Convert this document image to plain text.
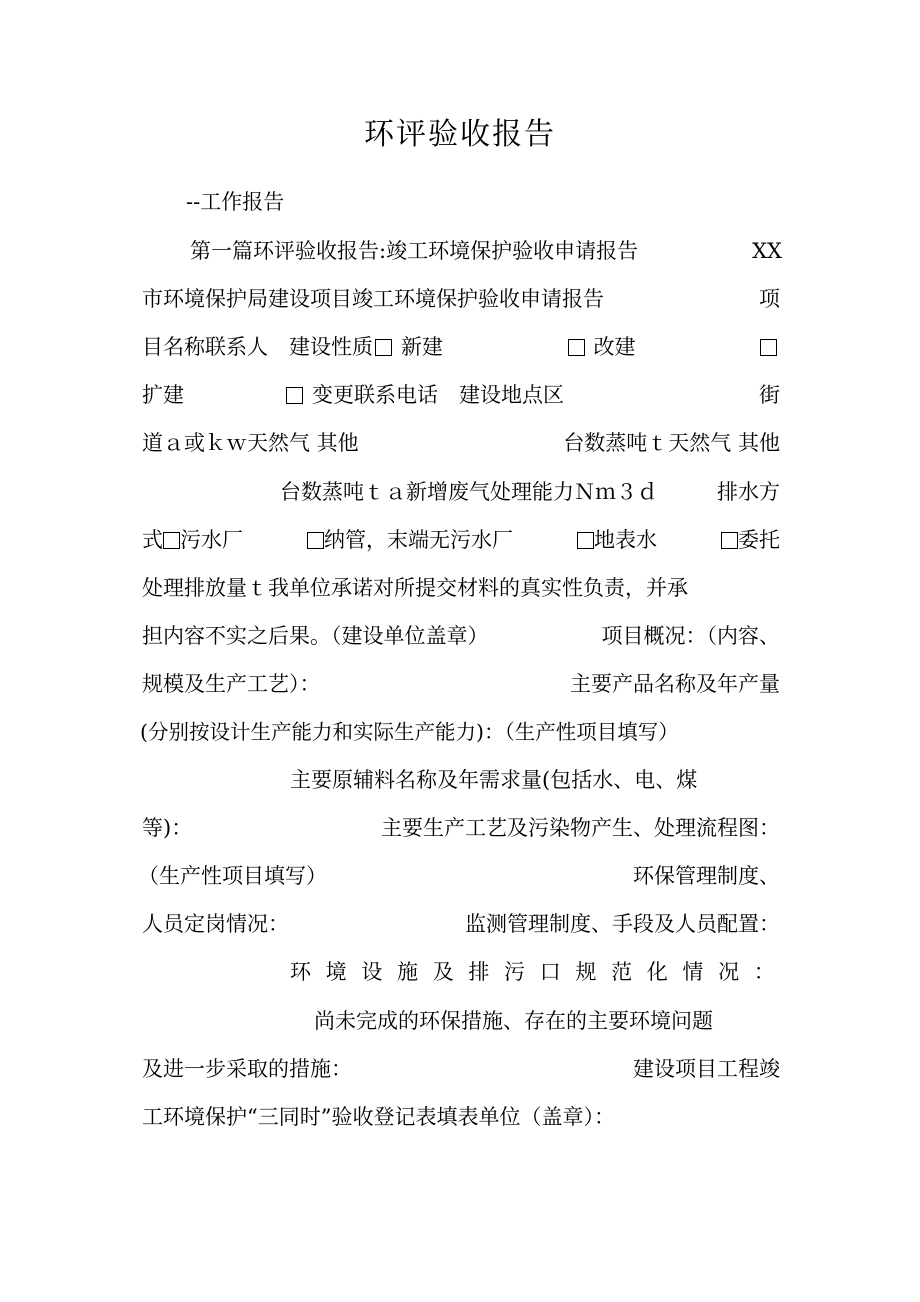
环评验收报告
--工作报告
第一篇环评验收报告:竣工环境保护验收申请报告	XX
市环境保护局建设项目竣工环境保护验收申请报告	项
目名称联系人　建设性质 新建	改建
扩建	变更联系电话　建设地点区	街
道ａ或ｋｗ天然气 其他	台数蒸吨ｔ天然气 其他
台数蒸吨ｔａ新增废气处理能力Ｎｍ３ｄ	排水方
式 污水厂	纳管，末端无污水厂	地表水	委托
处理排放量ｔ我单位承诺对所提交材料的真实性负责，并承
担内容不实之后果。（建设单位盖章）	项目概况：（内容、
规模及生产工艺）：	主要产品名称及年产量
(分别按设计生产能力和实际生产能力)：（生产性项目填写）
主要原辅料名称及年需求量(包括水、电、煤
等)：	主要生产工艺及污染物产生、处理流程图：
（生产性项目填写）	环保管理制度、
人员定岗情况：	监测管理制度、手段及人员配置：
环 境 设 施 及 排 污 口 规 范 化 情 况 ：
尚未完成的环保措施、存在的主要环境问题
及进一步采取的措施：	建设项目工程竣
工环境保护“三同时”验收登记表填表单位（盖章）：
